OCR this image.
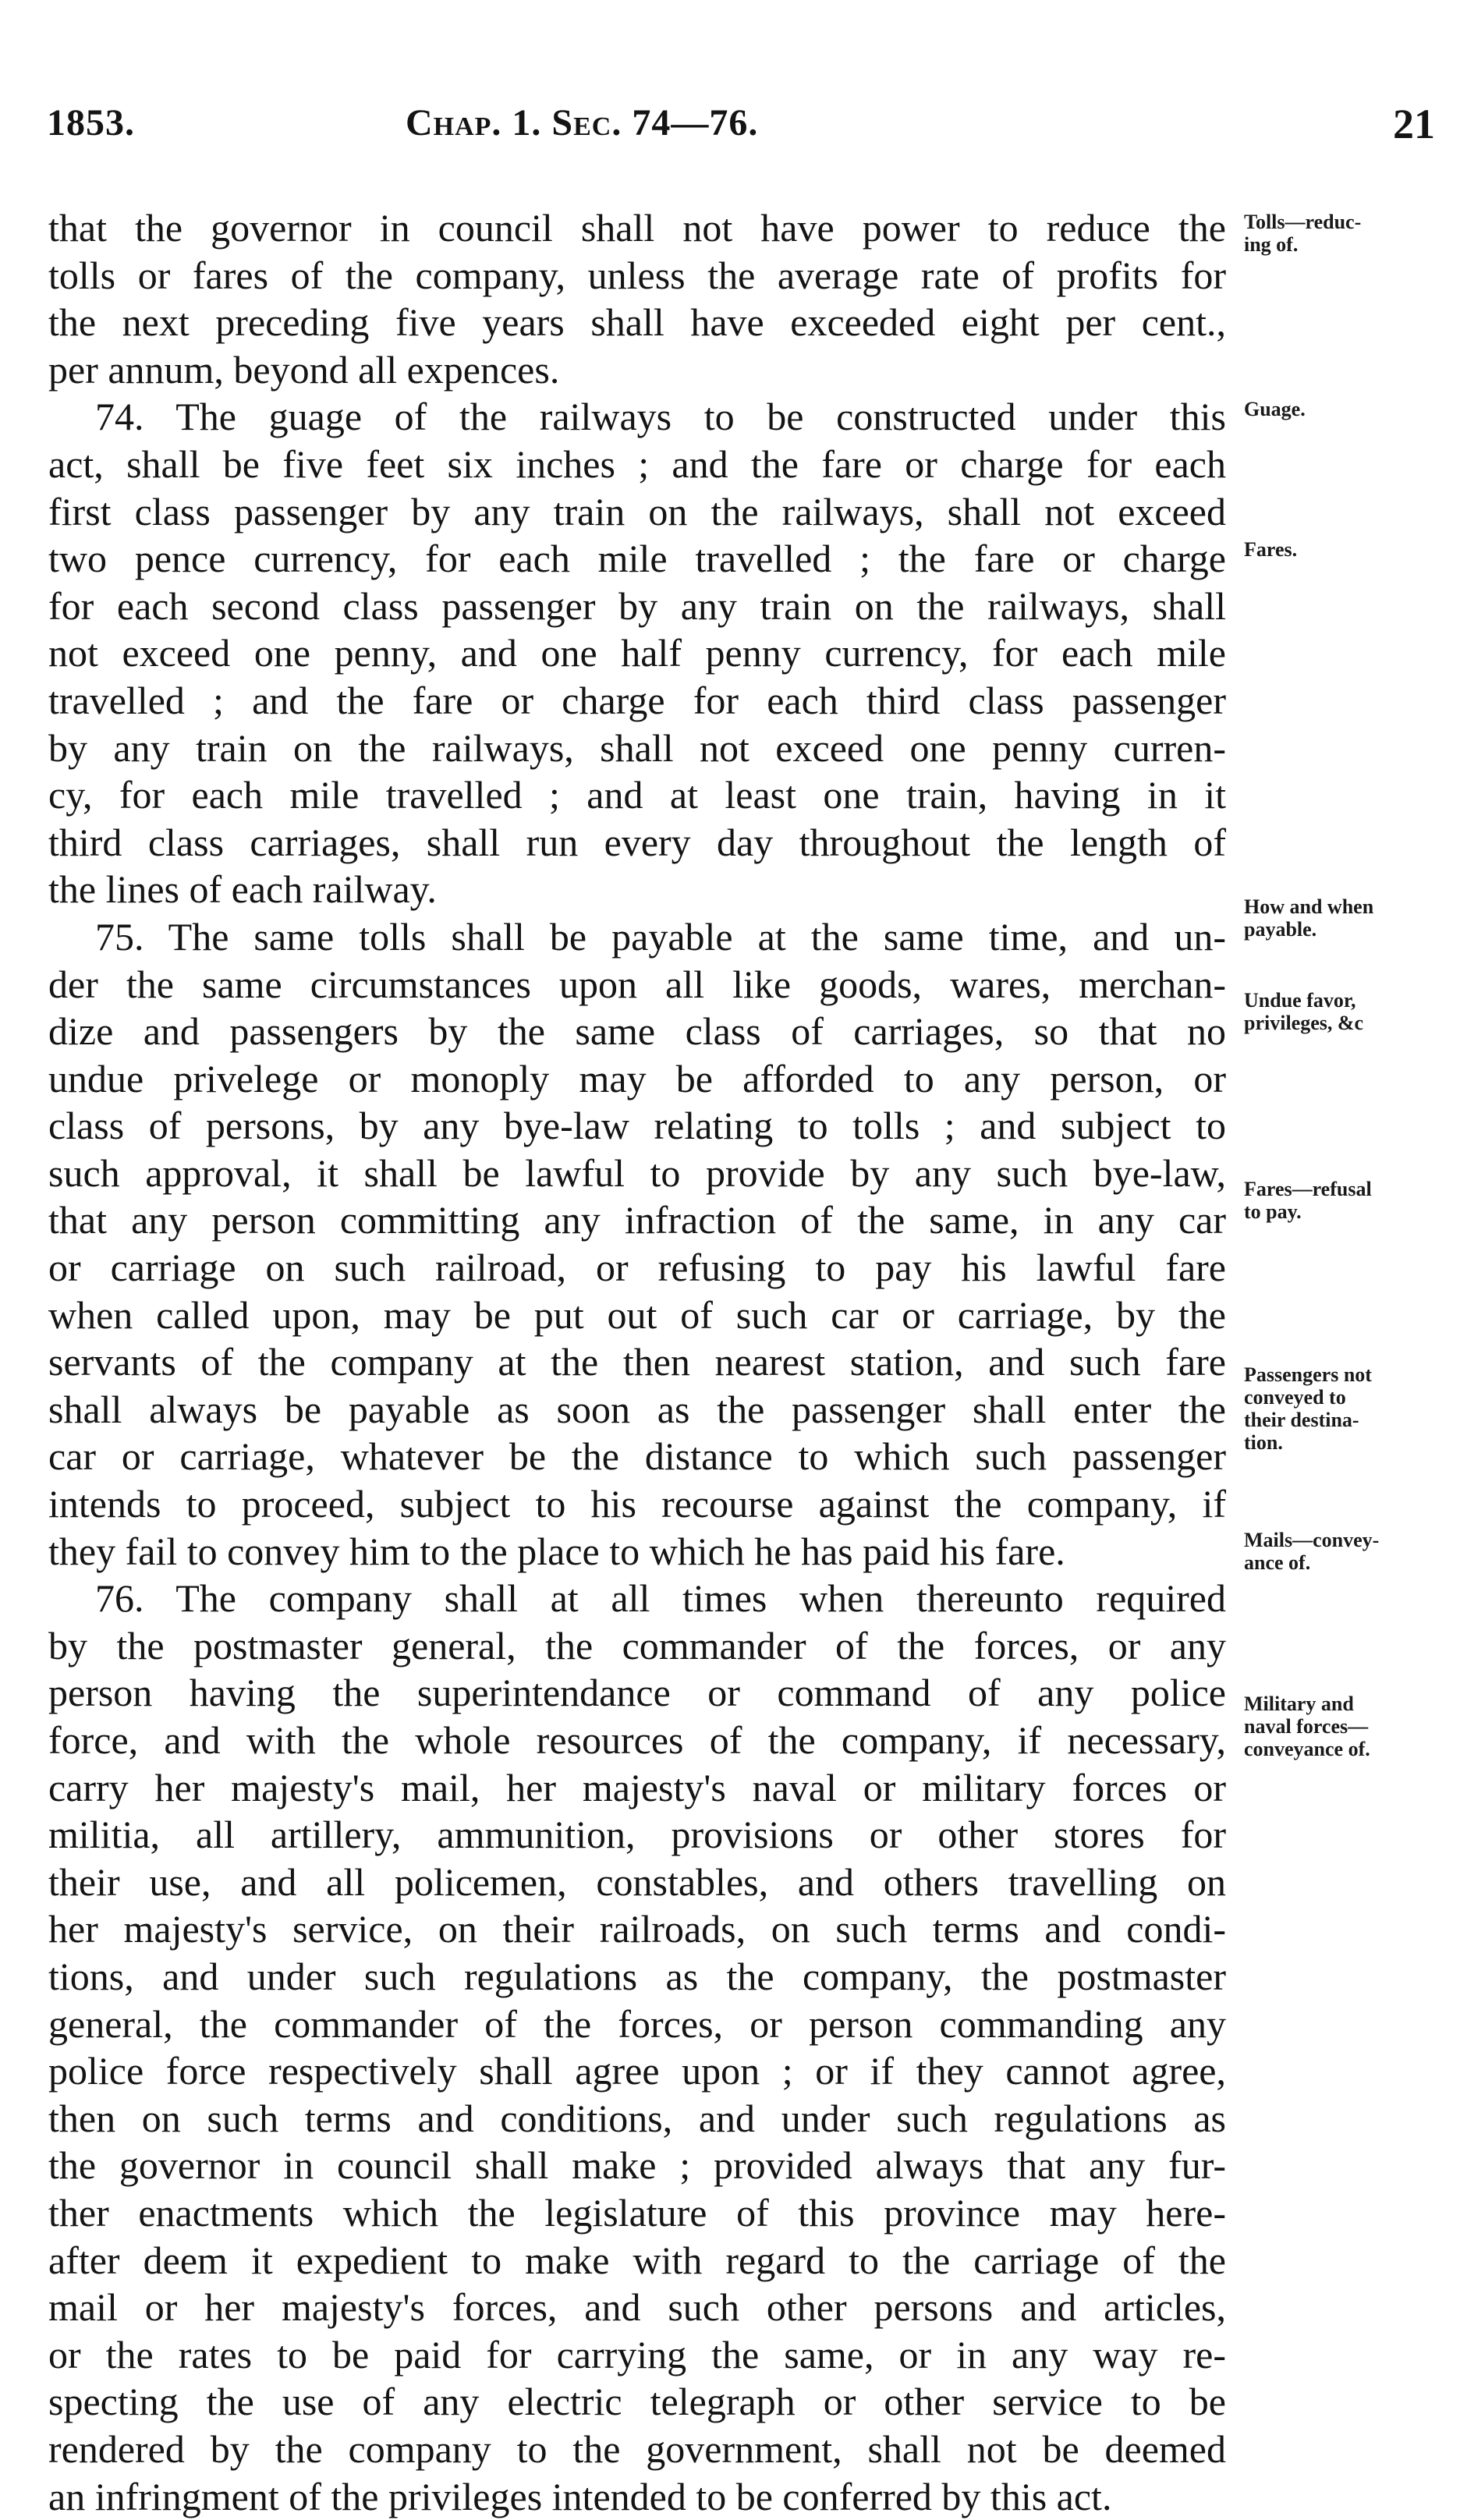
1853.	Chap. 1. Sec. 74—76.	21
that the governor in council shall not have power to reduce the
tolls or fares of the company, unless the average rate of profits for
the next preceding five years shall have exceeded eight per cent.,
per annum, beyond all expences.
74. The guage of the railways to be constructed under this
act, shall be five feet six inches ; and the fare or charge for each
first class passenger by any train on the railways, shall not exceed
two pence currency, for each mile travelled ; the fare or charge
for each second class passenger by any train on the railways, shall
not exceed one penny, and one half penny currency, for each mile
travelled ; and the fare or charge for each third class passenger
by any train on the railways, shall not exceed one penny curren-
cy, for each mile travelled ; and at least one train, having in it
third class carriages, shall run every day throughout the length of
the lines of each railway.
75. The same tolls shall be payable at the same time, and un-
der the same circumstances upon all like goods, wares, merchan-
dize and passengers by the same class of carriages, so that no
undue privelege or monoply may be afforded to any person, or
class of persons, by any bye-law relating to tolls ; and subject to
such approval, it shall be lawful to provide by any such bye-law,
that any person committing any infraction of the same, in any car
or carriage on such railroad, or refusing to pay his lawful fare
when called upon, may be put out of such car or carriage, by the
servants of the company at the then nearest station, and such fare
shall always be payable as soon as the passenger shall enter the
car or carriage, whatever be the distance to which such passenger
intends to proceed, subject to his recourse against the company, if
they fail to convey him to the place to which he has paid his fare.
76. The company shall at all times when thereunto required
by the postmaster general, the commander of the forces, or any
person having the superintendance or command of any police
force, and with the whole resources of the company, if necessary,
carry her majesty's mail, her majesty's naval or military forces or
militia, all artillery, ammunition, provisions or other stores for
their use, and all policemen, constables, and others travelling on
her majesty's service, on their railroads, on such terms and condi-
tions, and under such regulations as the company, the postmaster
general, the commander of the forces, or person commanding any
police force respectively shall agree upon ; or if they cannot agree,
then on such terms and conditions, and under such regulations as
the governor in council shall make ; provided always that any fur-
ther enactments which the legislature of this province may here-
after deem it expedient to make with regard to the carriage of the
mail or her majesty's forces, and such other persons and articles,
or the rates to be paid for carrying the same, or in any way re-
specting the use of any electric telegraph or other service to be
rendered by the company to the government, shall not be deemed
an infringment of the privileges intended to be conferred by this act.
Tolls—reduc-
ing of.
Guage.
Fares.
How and when
payable.
Undue favor,
privileges, &c
Fares—refusal
to pay.
Passengers not
conveyed to
their destina-
tion.
Mails—convey-
ance of.
Military and
naval forces—
conveyance of.
